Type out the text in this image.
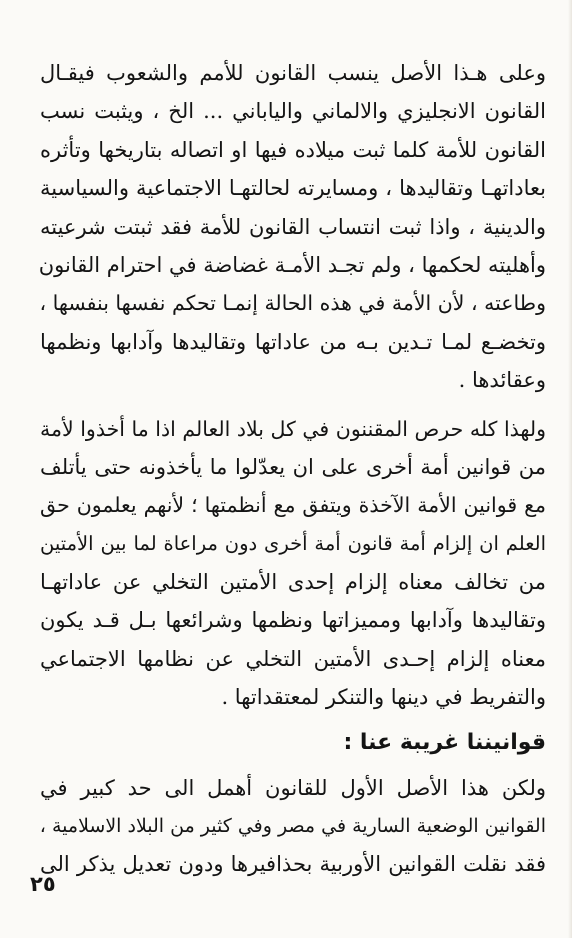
وعلى هـذا الأصل ينسب القانون للأمم والشعوب فيقـال
القانون الانجليزي والالماني والياباني ... الخ ، ويثبت نسب
القانون للأمة كلما ثبت ميلاده فيها او اتصاله بتاريخها وتأثره
بعاداتهـا وتقاليدها ، ومسايرته لحالتهـا الاجتماعية والسياسية
والدينية ، واذا ثبت انتساب القانون للأمة فقد ثبتت شرعيته
وأهليته لحكمها ، ولم تجـد الأمـة غضاضة في احترام القانون
وطاعته ، لأن الأمة في هذه الحالة إنمـا تحكم نفسها بنفسها ،
وتخضـع لمـا تـدين بـه من عاداتها وتقاليدها وآدابها ونظمها
وعقائدها .
ولهذا كله حرص المقننون في كل بلاد العالم اذا ما أخذوا لأمة
من قوانين أمة أخرى على ان يعدّلوا ما يأخذونه حتى يأتلف
مع قوانين الأمة الآخذة ويتفق مع أنظمتها ؛ لأنهم يعلمون حق
العلم ان إلزام أمة قانون أمة أخرى دون مراعاة لما بين الأمتين
من تخالف معناه إلزام إحدى الأمتين التخلي عن عاداتهـا
وتقاليدها وآدابها ومميزاتها ونظمها وشرائعها بـل قـد يكون
معناه إلزام إحـدى الأمتين التخلي عن نظامها الاجتماعي
والتفريط في دينها والتنكر لمعتقداتها .
قوانيننا غريبة عنا :
ولكن هذا الأصل الأول للقانون أهمل الى حد كبير في
القوانين الوضعية السارية في مصر وفي كثير من البلاد الاسلامية ،
فقد نقلت القوانين الأوربية بحذافيرها ودون تعديل يذكر الى
٢٥
